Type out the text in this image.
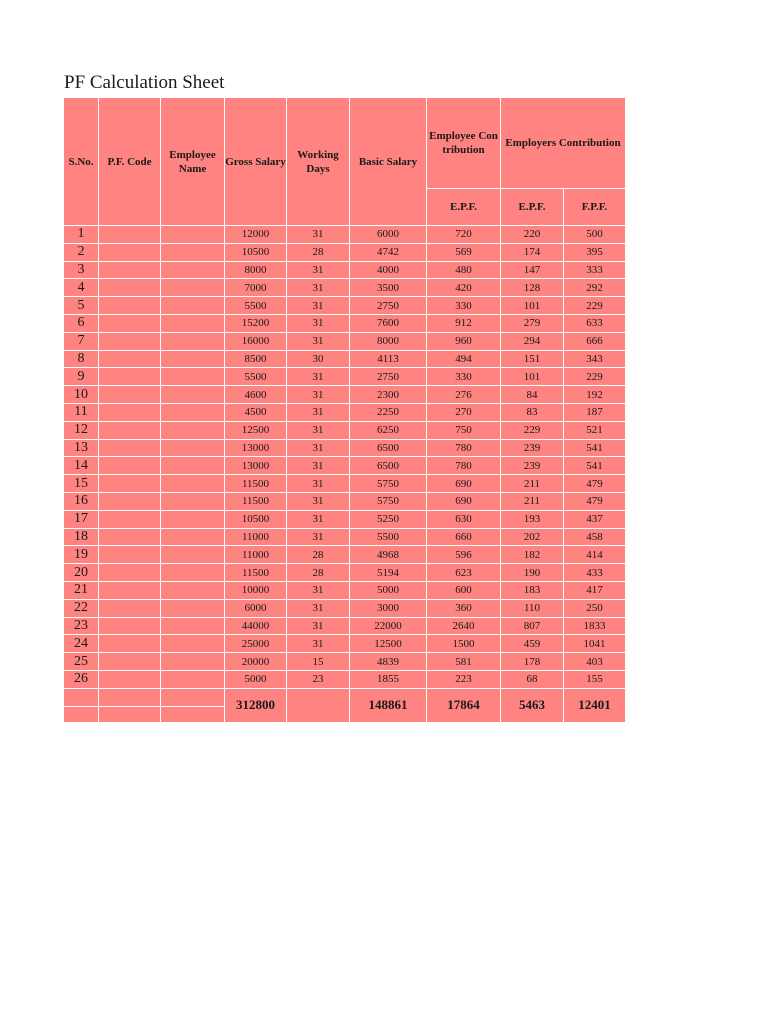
PF Calculation Sheet
S.No.	P.F. Code	Employee Name	Gross Salary	Working Days	Basic Salary	Employee Contribution	Employers Contribution	
						E.P.F.	E.P.F.	F.P.F.
1			12000	31	6000	720	220	500
2			10500	28	4742	569	174	395
3			8000	31	4000	480	147	333
4			7000	31	3500	420	128	292
5			5500	31	2750	330	101	229
6			15200	31	7600	912	279	633
7			16000	31	8000	960	294	666
8			8500	30	4113	494	151	343
9			5500	31	2750	330	101	229
10			4600	31	2300	276	84	192
11			4500	31	2250	270	83	187
12			12500	31	6250	750	229	521
13			13000	31	6500	780	239	541
14			13000	31	6500	780	239	541
15			11500	31	5750	690	211	479
16			11500	31	5750	690	211	479
17			10500	31	5250	630	193	437
18			11000	31	5500	660	202	458
19			11000	28	4968	596	182	414
20			11500	28	5194	623	190	433
21			10000	31	5000	600	183	417
22			6000	31	3000	360	110	250
23			44000	31	22000	2640	807	1833
24			25000	31	12500	1500	459	1041
25			20000	15	4839	581	178	403
26			5000	23	1855	223	68	155
			312800		148861	17864	5463	12401
